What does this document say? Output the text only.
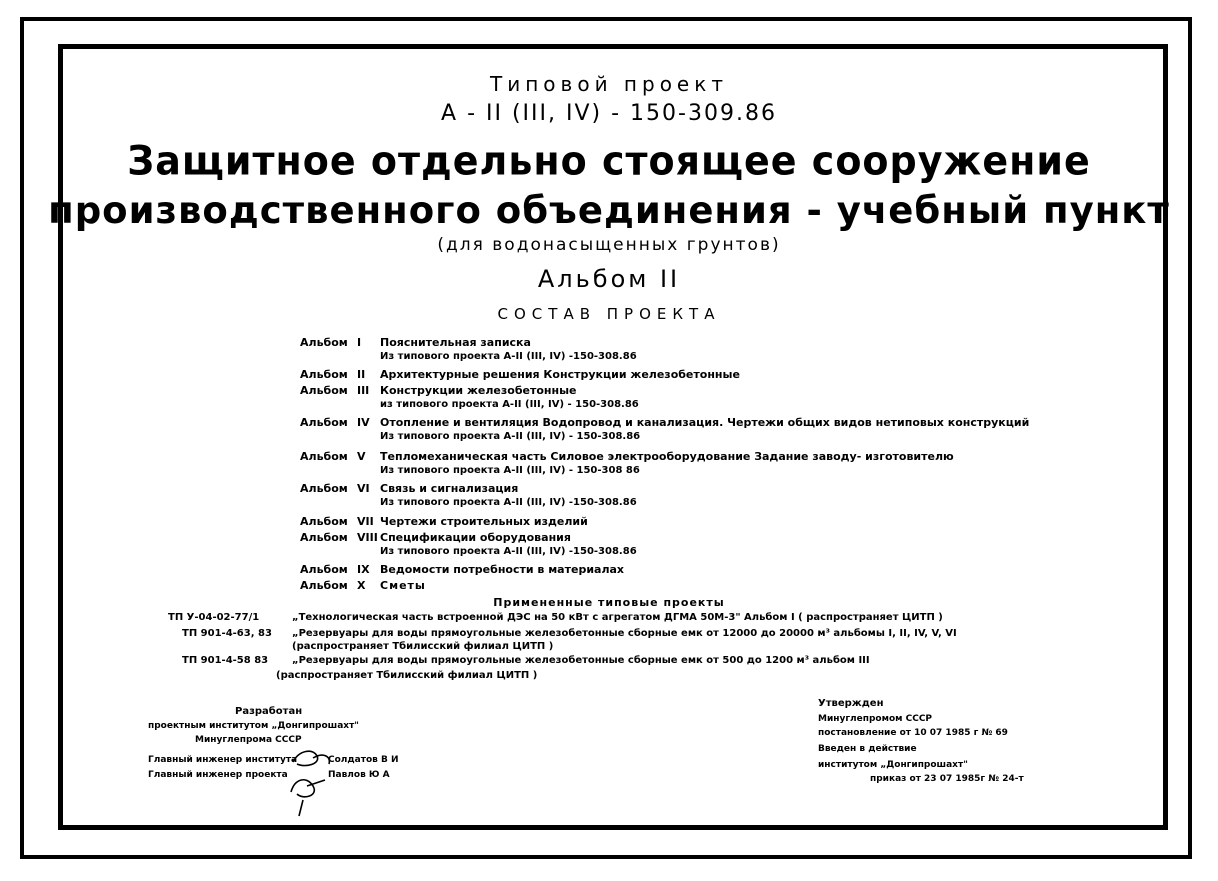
Типовой проект
А - II (III, IV) - 150-309.86
Защитное отдельно стоящее сооружение
производственного объединения - учебный пункт
(для водонасыщенных грунтов)
Альбом II
СОСТАВ ПРОЕКТА
Альбом I Пояснительная записка
Из типового проекта А-II (III, IV) -150-308.86
Альбом II Архитектурные решения Конструкции железобетонные
Альбом III Конструкции железобетонные
из типового проекта А-II (III, IV) - 150-308.86
Альбом IV Отопление и вентиляция Водопровод и канализация. Чертежи общих видов нетиповых конструкций
Из типового проекта А-II (III, IV) - 150-308.86
Альбом V Тепломеханическая часть Силовое электрооборудование Задание заводу- изготовителю
Из типового проекта А-II (III, IV) - 150-308 86
Альбом VI Связь и сигнализация
Из типового проекта А-II (III, IV) -150-308.86
Альбом VII Чертежи строительных изделий
Альбом VIII Спецификации оборудования
Из типового проекта А-II (III, IV) -150-308.86
Альбом IX Ведомости потребности в материалах
Альбом X Сметы
Примененные типовые проекты
ТП У-04-02-77/1	„Технологическая часть встроенной ДЭС на 50 кВт с агрегатом ДГМА 50М-3" Альбом I ( распространяет ЦИТП )
ТП 901-4-63, 83 „Резервуары для воды прямоугольные железобетонные сборные емк от 12000 до 20000 м³ альбомы I, II, IV, V, VI
(распространяет Тбилисский филиал ЦИТП )
ТП 901-4-58 83 „Резервуары для воды прямоугольные железобетонные сборные емк от 500 до 1200 м³ альбом III
(распространяет Тбилисский филиал ЦИТП )
Разработан
проектным институтом „Донгипрошахт"
Минуглепрома СССР
Главный инженер института	Солдатов В И
Главный инженер проекта	Павлов Ю А
Утвержден
Минуглепромом СССР
постановление от 10 07 1985 г № 69
Введен в действие
институтом „Донгипрошахт"
приказ от 23 07 1985г № 24-т
